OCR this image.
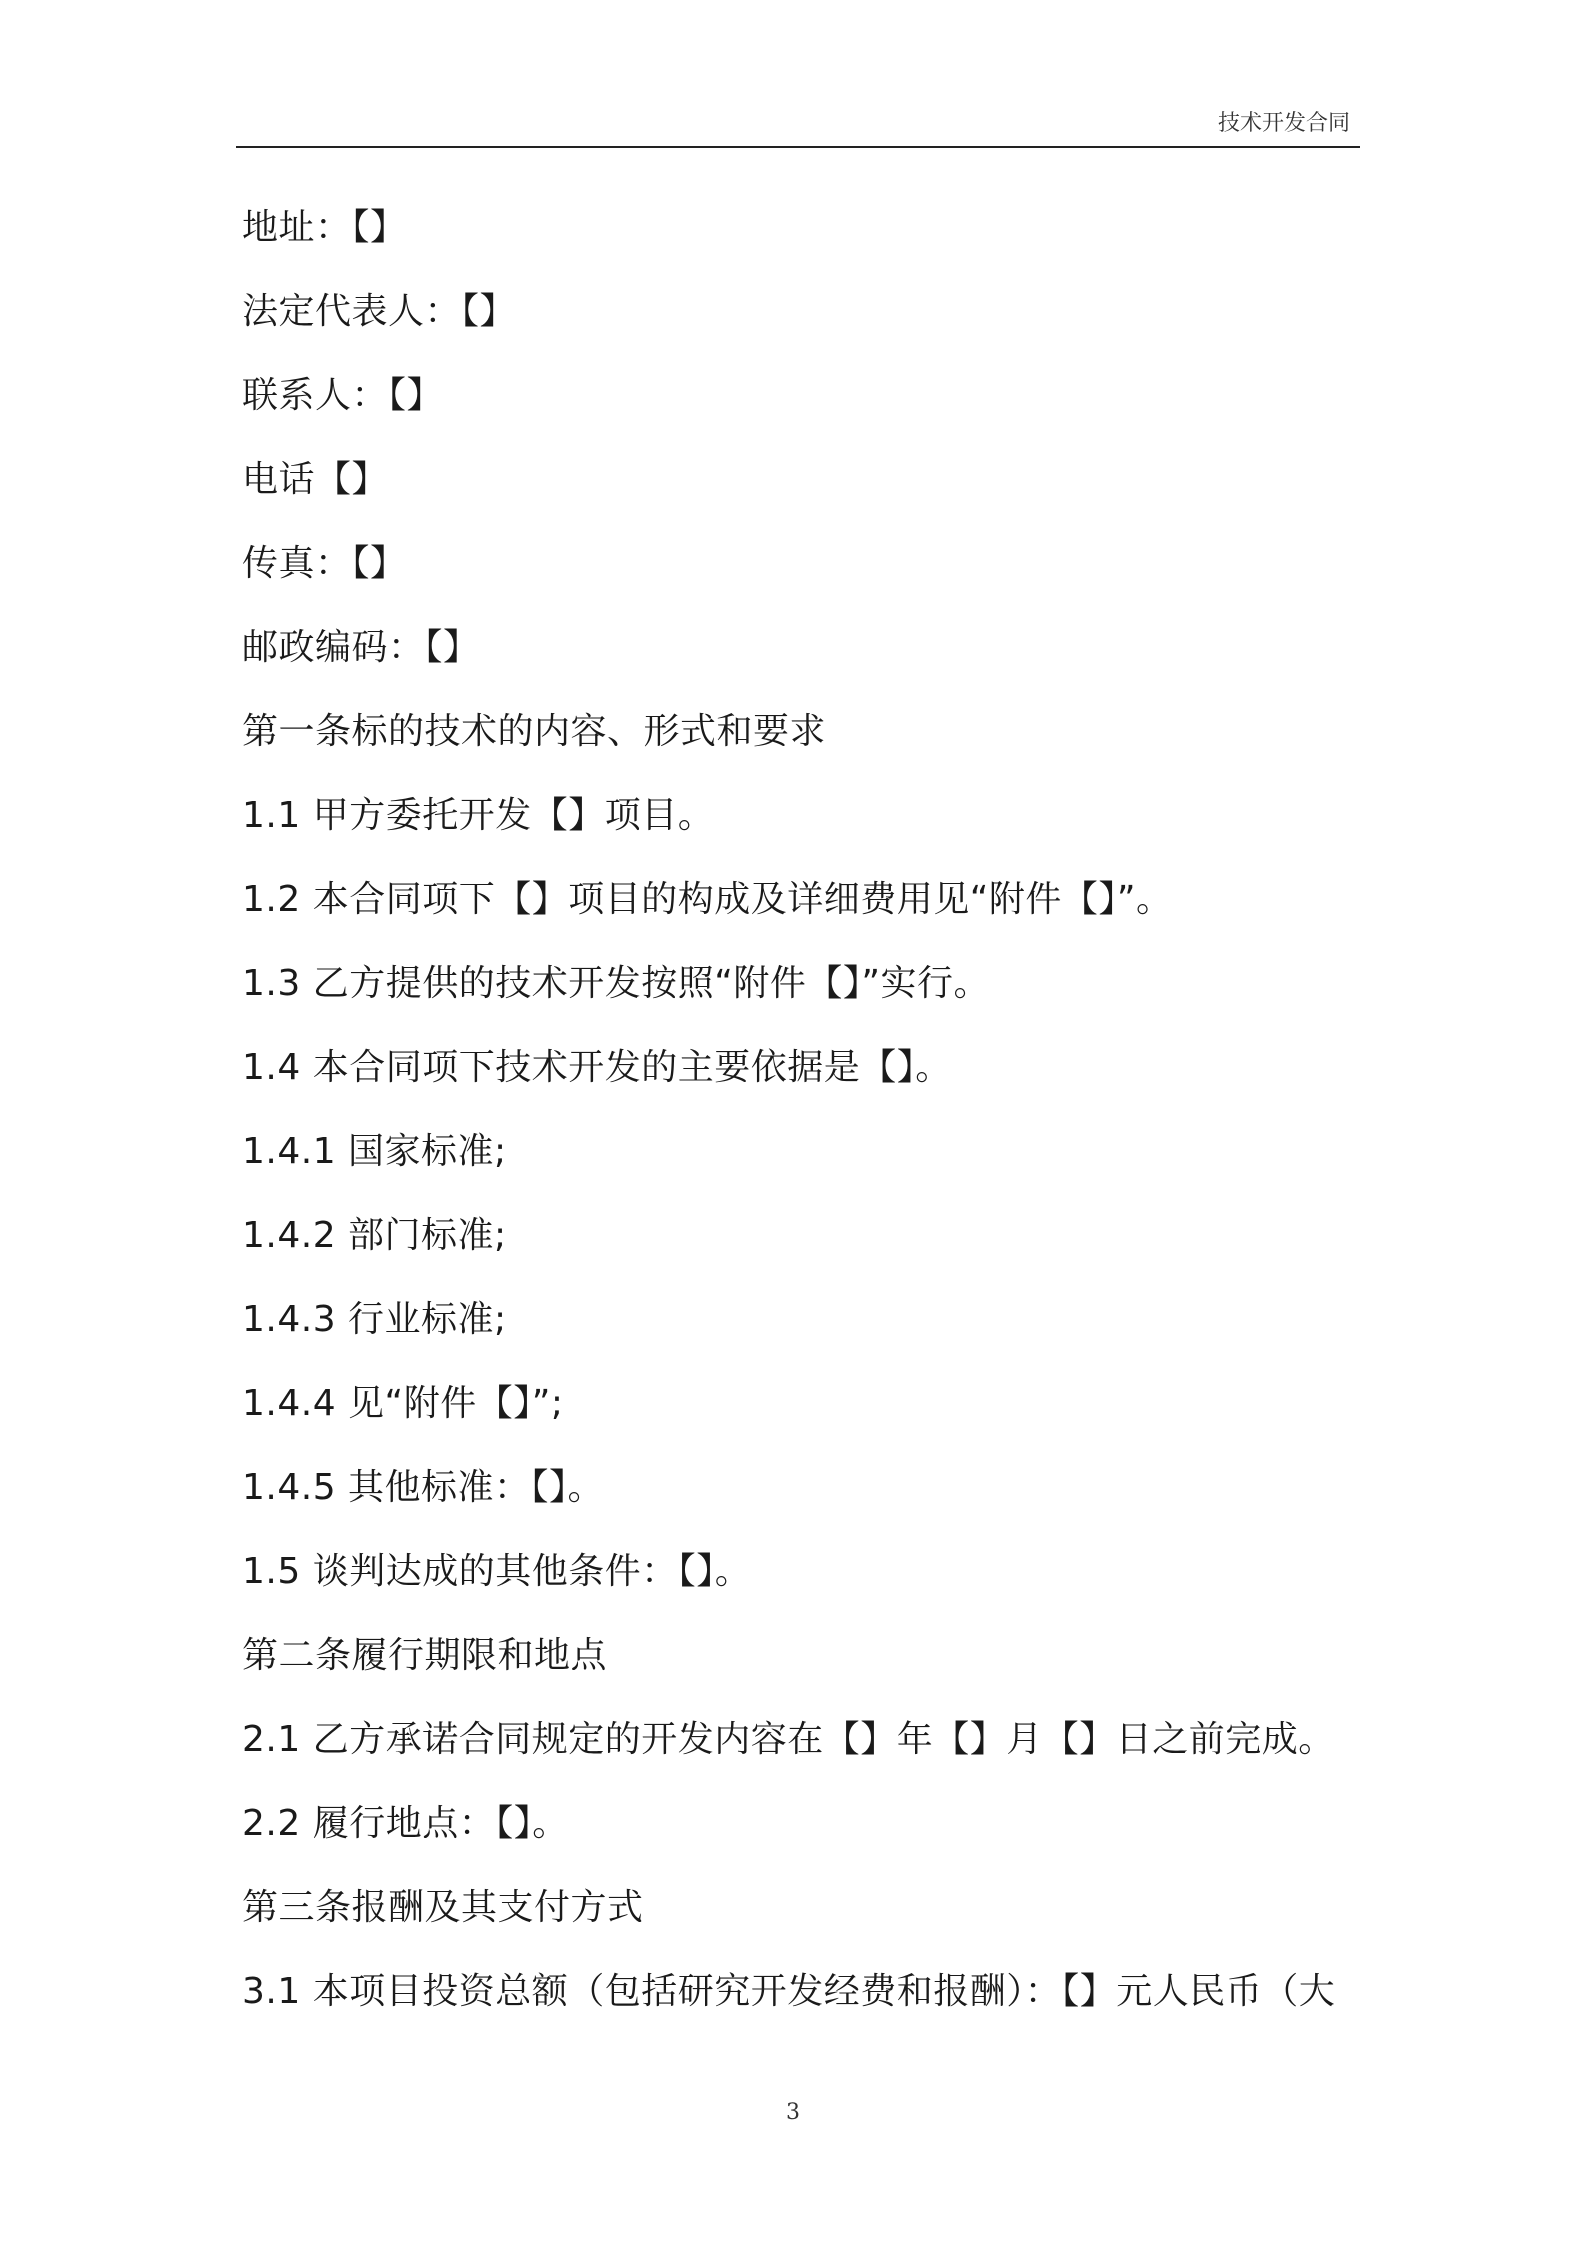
技术开发合同
地址：【】
法定代表人：【】
联系人：【】
电话【】
传真：【】
邮政编码：【】
第一条标的技术的内容、形式和要求
1.1 甲方委托开发【】项目。
1.2 本合同项下【】项目的构成及详细费用见“附件【】”。
1.3 乙方提供的技术开发按照“附件【】”实行。
1.4 本合同项下技术开发的主要依据是【】。
1.4.1 国家标准;
1.4.2 部门标准;
1.4.3 行业标准;
1.4.4 见“附件【】”;
1.4.5 其他标准：【】。
1.5 谈判达成的其他条件：【】。
第二条履行期限和地点
2.1 乙方承诺合同规定的开发内容在【】年【】月【】日之前完成。
2.2 履行地点：【】。
第三条报酬及其支付方式
3.1 本项目投资总额（包括研究开发经费和报酬）：【】元人民币（大
3
